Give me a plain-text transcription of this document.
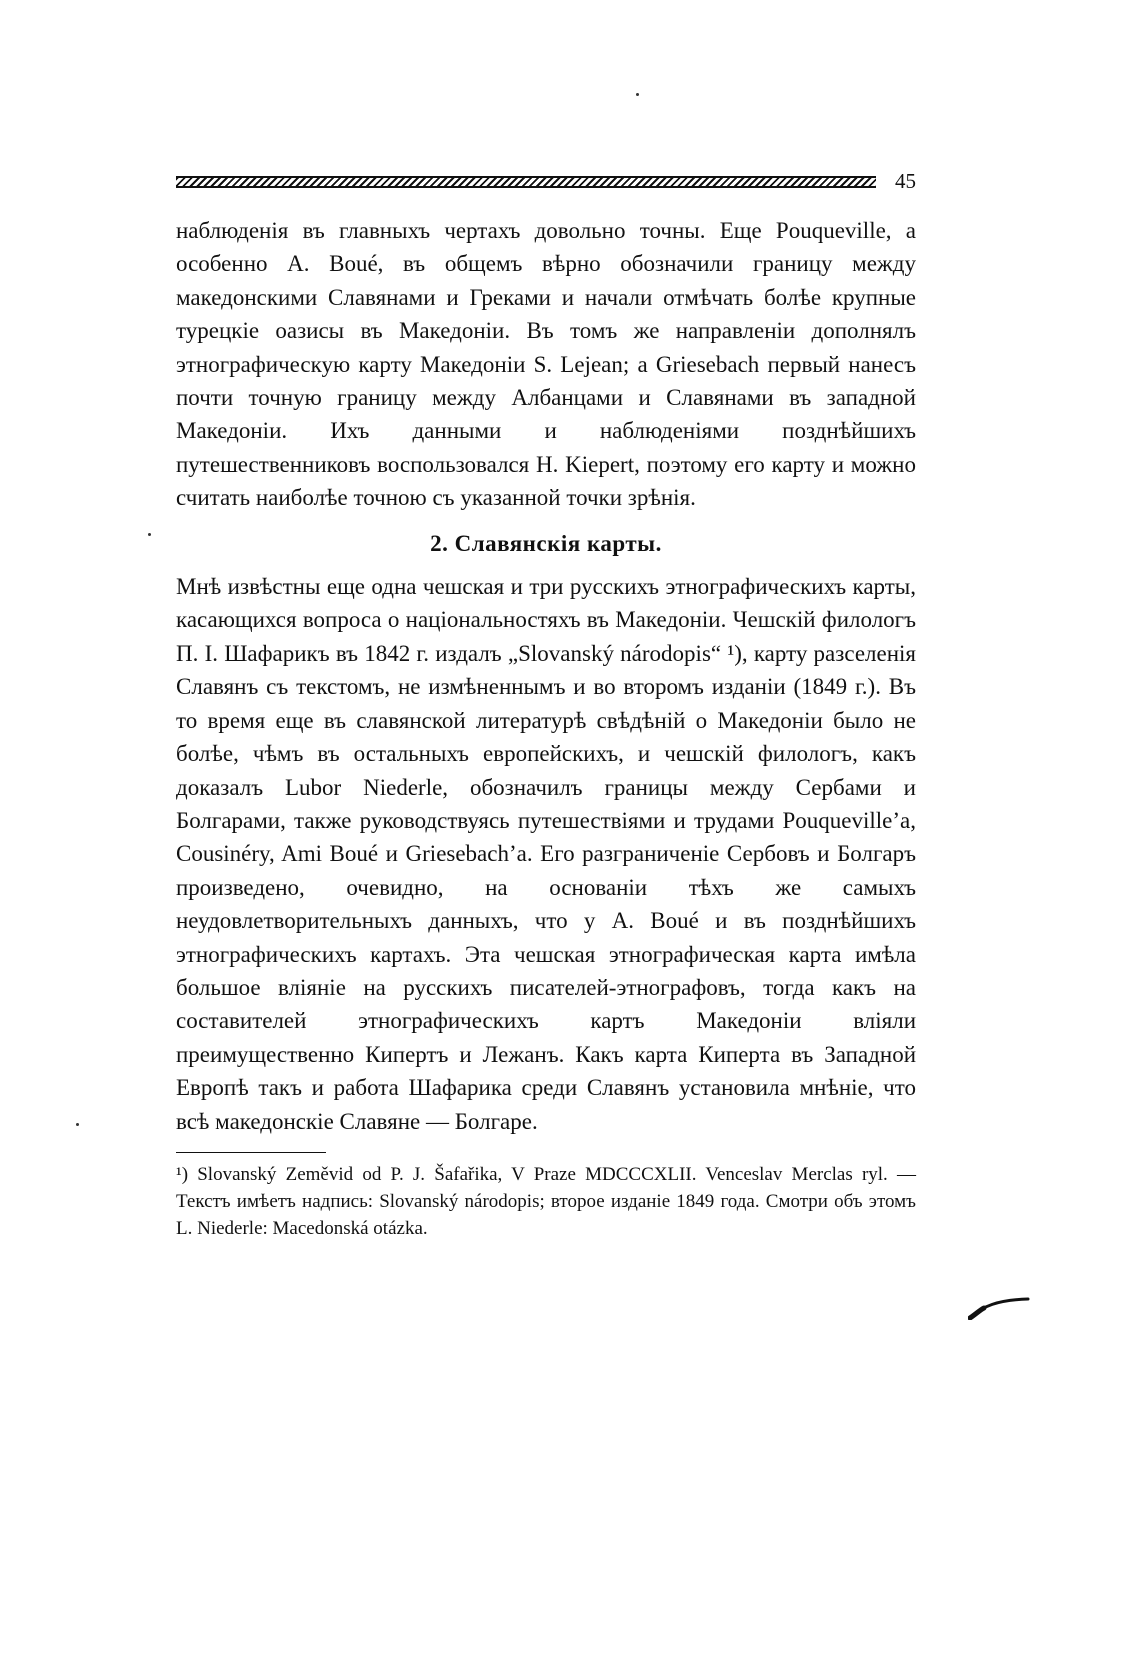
45

наблюденія въ главныхъ чертахъ довольно точны. Еще Pouqueville, а особенно A. Boué, въ общемъ вѣрно обозначили границу между македонскими Славянами и Греками и начали отмѣчать болѣе крупные турецкіе оазисы въ Македоніи. Въ томъ же направленіи дополнялъ этнографическую карту Македоніи S. Lejean; а Griesebach первый нанесъ почти точную границу между Албанцами и Славянами въ западной Македоніи. Ихъ данными и наблюденіями позднѣйшихъ путешественниковъ воспользовался H. Kiepert, поэтому его карту и можно считать наиболѣе точною съ указанной точки зрѣнія.

2. Славянскія карты.

Мнѣ извѣстны еще одна чешская и три русскихъ этнографическихъ карты, касающихся вопроса о національностяхъ въ Македоніи. Чешскій филологъ П. І. Шафарикъ въ 1842 г. издалъ „Slovanský národopis“ ¹), карту разселенія Славянъ съ текстомъ, не измѣненнымъ и во второмъ изданіи (1849 г.). Въ то время еще въ славянской литературѣ свѣдѣній о Македоніи было не болѣе, чѣмъ въ остальныхъ европейскихъ, и чешскій филологъ, какъ доказалъ Lubor Niederle, обозначилъ границы между Сербами и Болгарами, также руководствуясь путешествіями и трудами Pouqueville’a, Cousinéry, Ami Boué и Griesebach’a. Его разграниченіе Сербовъ и Болгаръ произведено, очевидно, на основаніи тѣхъ же самыхъ неудовлетворительныхъ данныхъ, что у A. Boué и въ позднѣйшихъ этнографическихъ картахъ. Эта чешская этнографическая карта имѣла большое вліяніе на русскихъ писателей-этнографовъ, тогда какъ на составителей этнографическихъ картъ Македоніи вліяли преимущественно Кипертъ и Лежанъ. Какъ карта Киперта въ Западной Европѣ такъ и работа Шафарика среди Славянъ установила мнѣніе, что всѣ македонскіе Славяне — Болгаре.

¹) Slovanský Zeměvid od P. J. Šafařika, V Praze MDCCCXLII. Venceslav Merclas ryl. — Текстъ имѣетъ надпись: Slovanský národopis; второе изданіе 1849 года. Смотри объ этомъ L. Niederle: Macedonská otázka.
